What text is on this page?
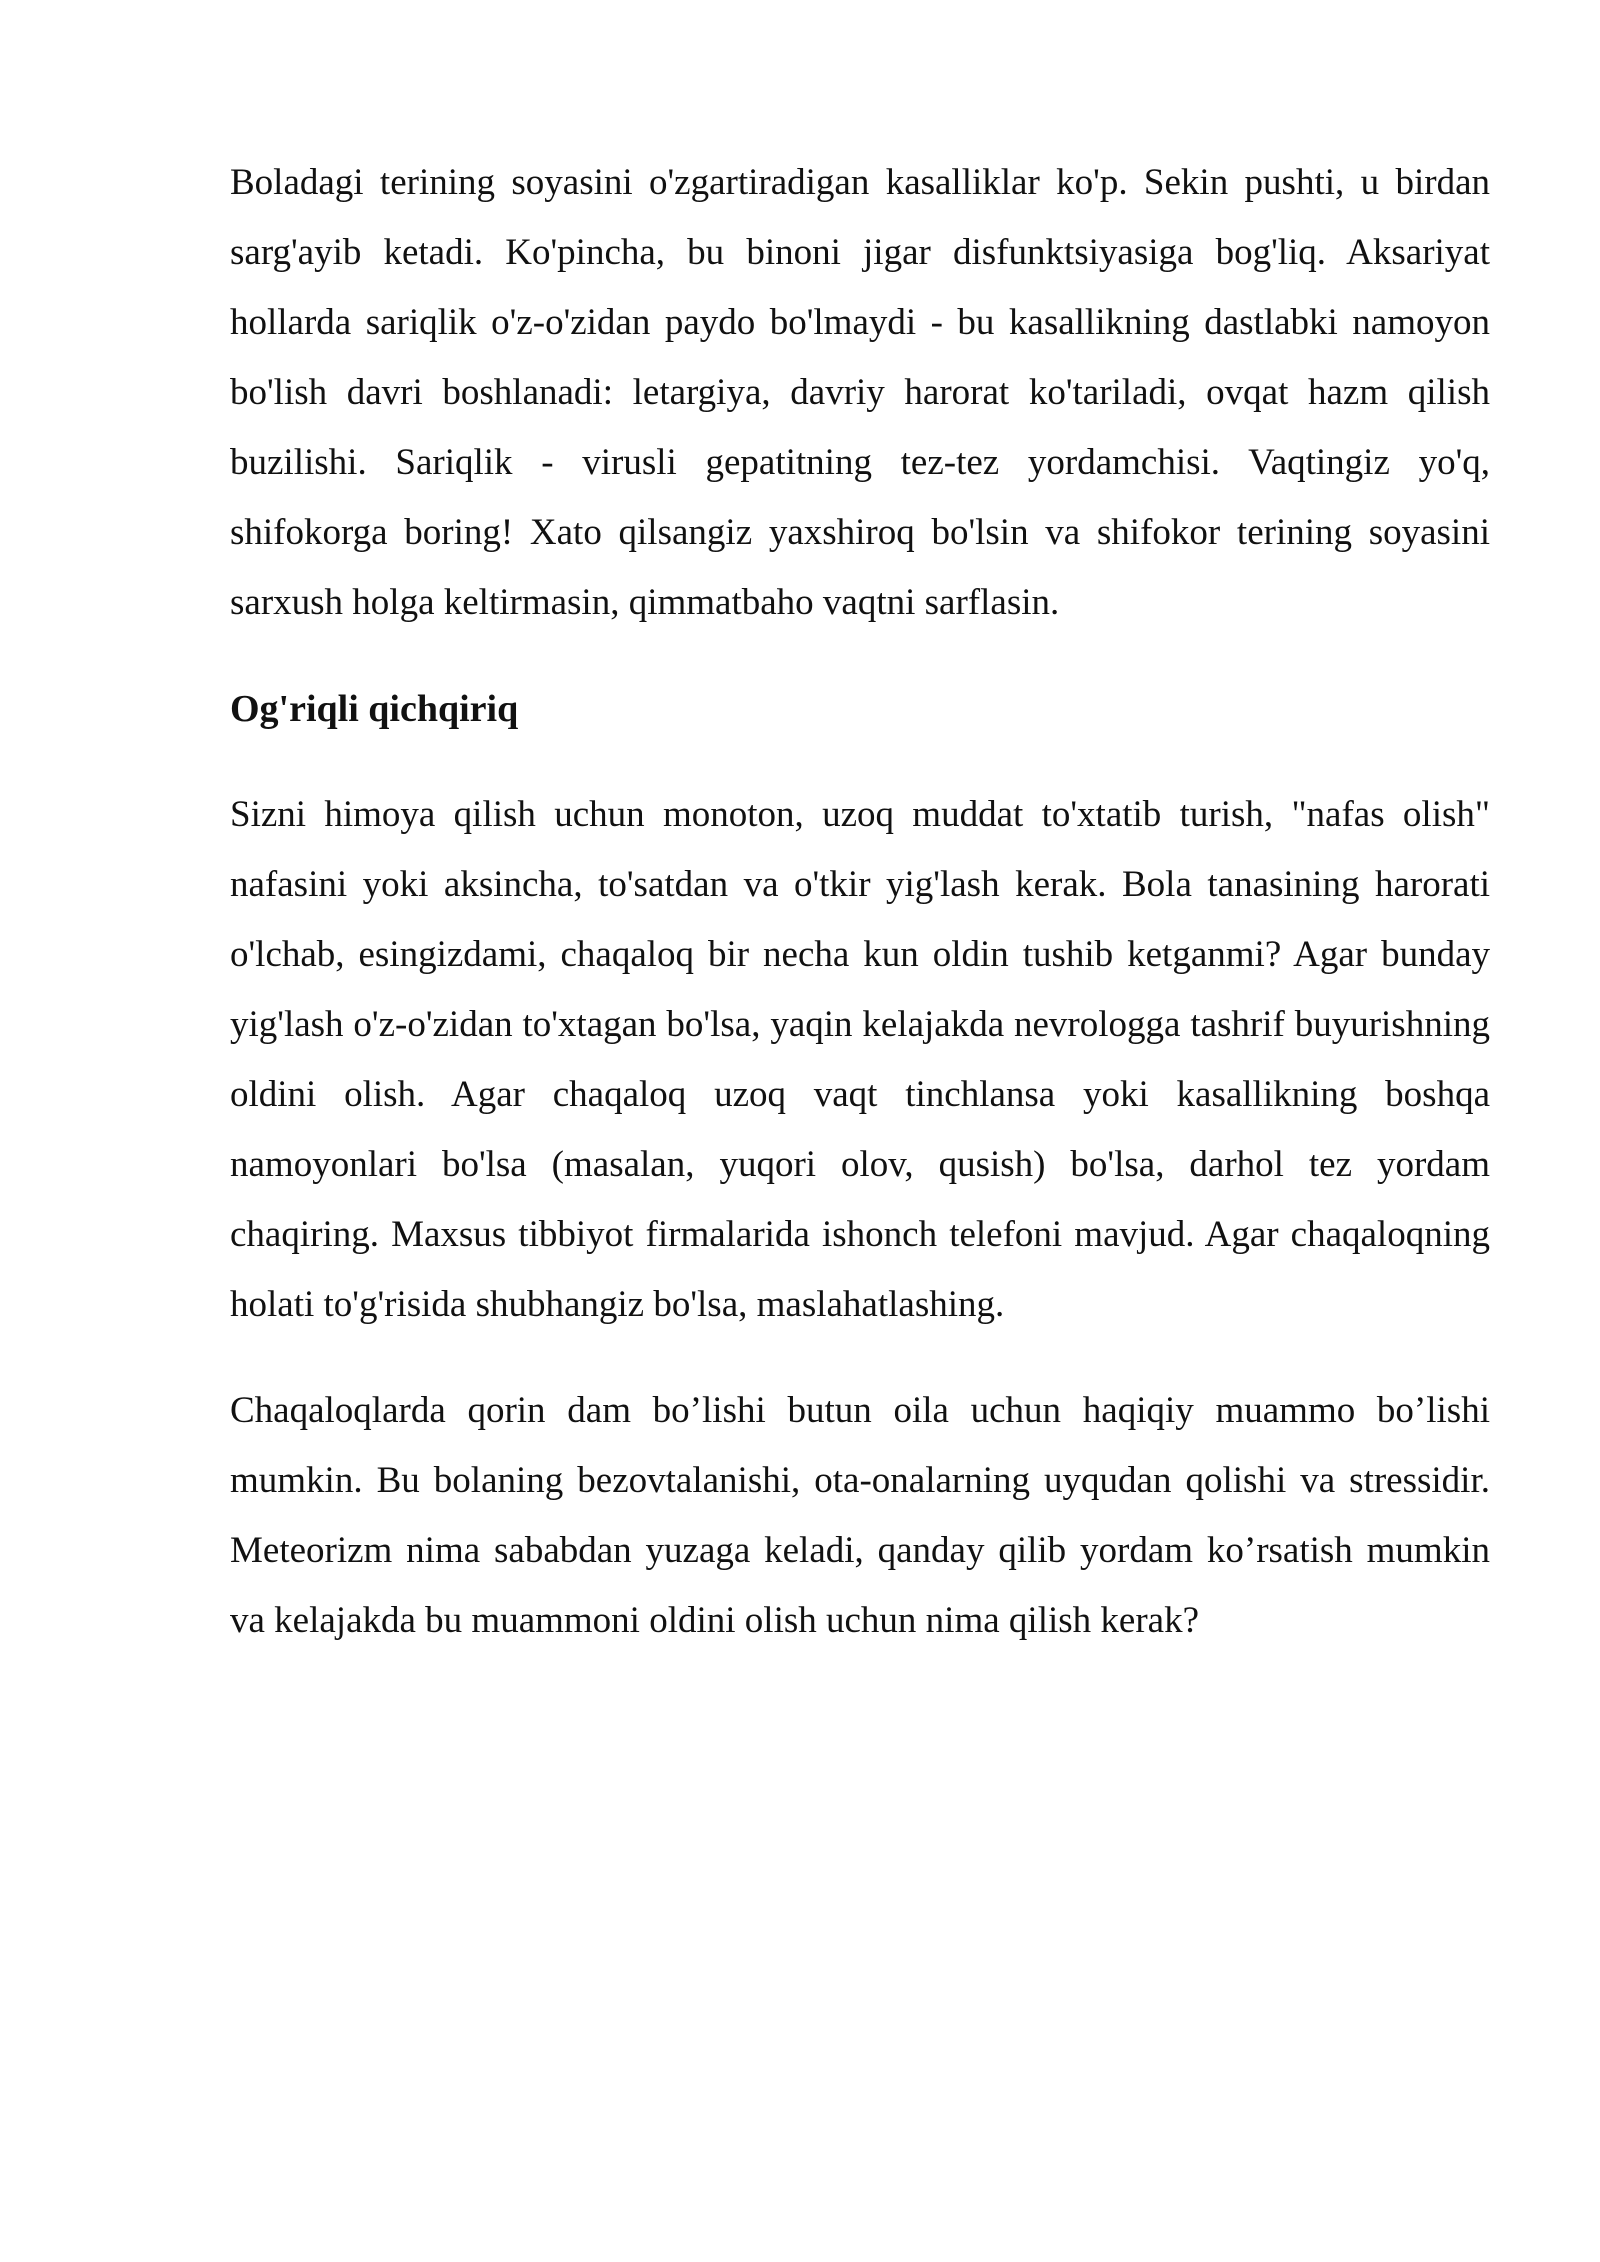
Boladagi terining soyasini o'zgartiradigan kasalliklar ko'p. Sekin pushti, u birdan sarg'ayib ketadi. Ko'pincha, bu binoni jigar disfunktsiyasiga bog'liq. Aksariyat hollarda sariqlik o'z-o'zidan paydo bo'lmaydi - bu kasallikning dastlabki namoyon bo'lish davri boshlanadi: letargiya, davriy harorat ko'tariladi, ovqat hazm qilish buzilishi. Sariqlik - virusli gepatitning tez-tez yordamchisi. Vaqtingiz yo'q, shifokorga boring! Xato qilsangiz yaxshiroq bo'lsin va shifokor terining soyasini sarxush holga keltirmasin, qimmatbaho vaqtni sarflasin.

Og'riqli qichqiriq

Sizni himoya qilish uchun monoton, uzoq muddat to'xtatib turish, "nafas olish" nafasini yoki aksincha, to'satdan va o'tkir yig'lash kerak. Bola tanasining harorati o'lchab, esingizdami, chaqaloq bir necha kun oldin tushib ketganmi? Agar bunday yig'lash o'z-o'zidan to'xtagan bo'lsa, yaqin kelajakda nevrologga tashrif buyurishning oldini olish. Agar chaqaloq uzoq vaqt tinchlansa yoki kasallikning boshqa namoyonlari bo'lsa (masalan, yuqori olov, qusish) bo'lsa, darhol tez yordam chaqiring. Maxsus tibbiyot firmalarida ishonch telefoni mavjud. Agar chaqaloqning holati to'g'risida shubhangiz bo'lsa, maslahatlashing.

Chaqaloqlarda qorin dam bo’lishi butun oila uchun haqiqiy muammo bo’lishi mumkin. Bu bolaning bezovtalanishi, ota-onalarning uyqudan qolishi va stressidir. Meteorizm nima sababdan yuzaga keladi, qanday qilib yordam ko’rsatish mumkin va kelajakda bu muammoni oldini olish uchun nima qilish kerak?
